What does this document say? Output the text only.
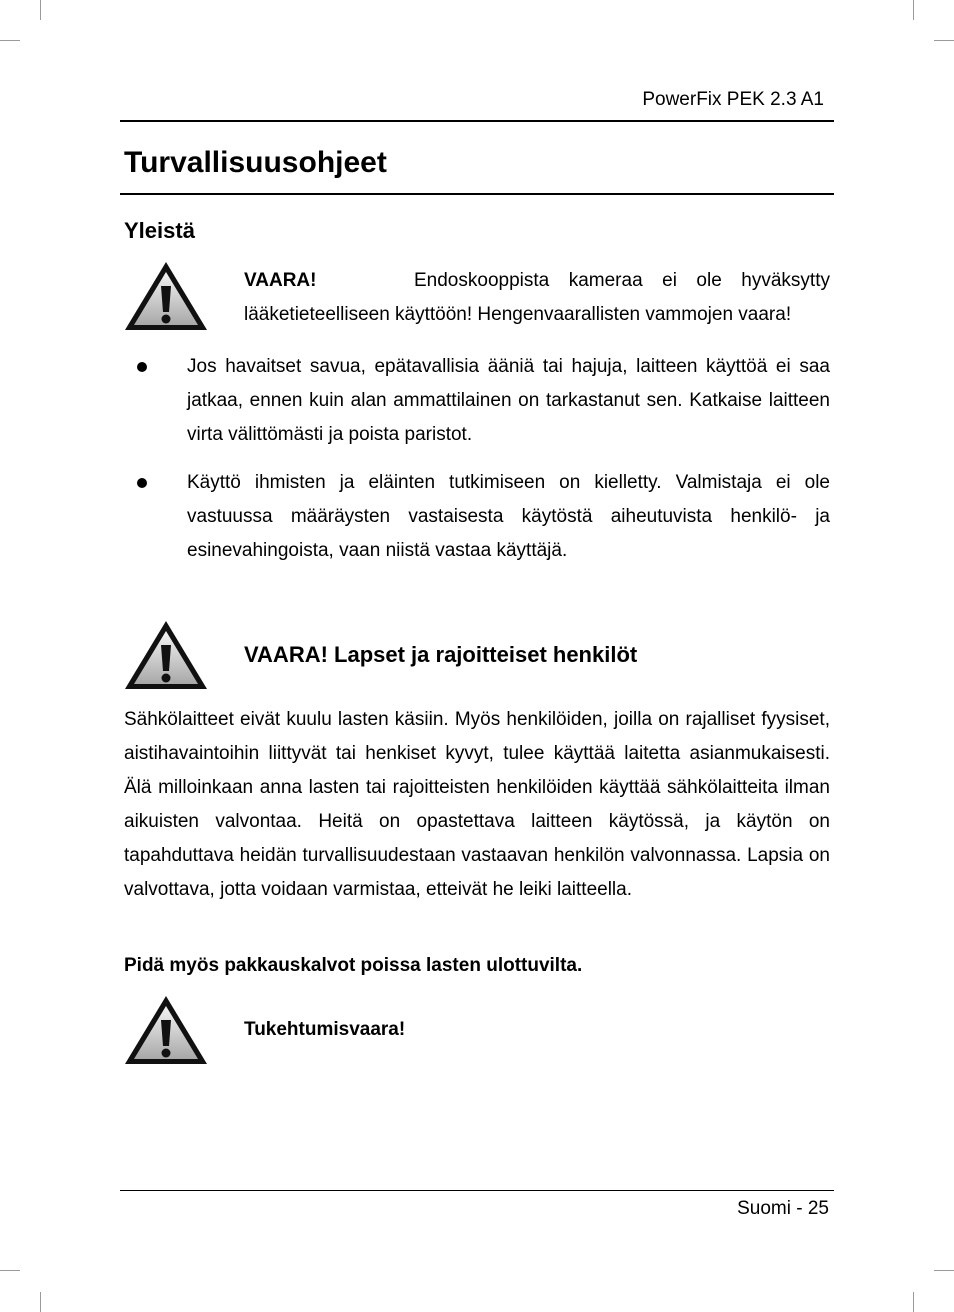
PowerFix PEK 2.3 A1
Turvallisuusohjeet
Yleistä

VAARA!	Endoskooppista kameraa ei ole hyväksytty lääketieteelliseen käyttöön! Hengenvaarallisten vammojen vaara!

Jos havaitset savua, epätavallisia ääniä tai hajuja, laitteen käyttöä ei saa jatkaa, ennen kuin alan ammattilainen on tarkastanut sen. Katkaise laitteen virta välittömästi ja poista paristot.

Käyttö ihmisten ja eläinten tutkimiseen on kielletty. Valmistaja ei ole vastuussa määräysten vastaisesta käytöstä aiheutuvista henkilö- ja esinevahingoista, vaan niistä vastaa käyttäjä.

VAARA! Lapset ja rajoitteiset henkilöt

Sähkölaitteet eivät kuulu lasten käsiin. Myös henkilöiden, joilla on rajalliset fyysiset, aistihavaintoihin liittyvät tai henkiset kyvyt, tulee käyttää laitetta asianmukaisesti. Älä milloinkaan anna lasten tai rajoitteisten henkilöiden käyttää sähkölaitteita ilman aikuisten valvontaa. Heitä on opastettava laitteen käytössä, ja käytön on tapahduttava heidän turvallisuudestaan vastaavan henkilön valvonnassa. Lapsia on valvottava, jotta voidaan varmistaa, etteivät he leiki laitteella.

Pidä myös pakkauskalvot poissa lasten ulottuvilta.
Tukehtumisvaara!
Suomi - 25
